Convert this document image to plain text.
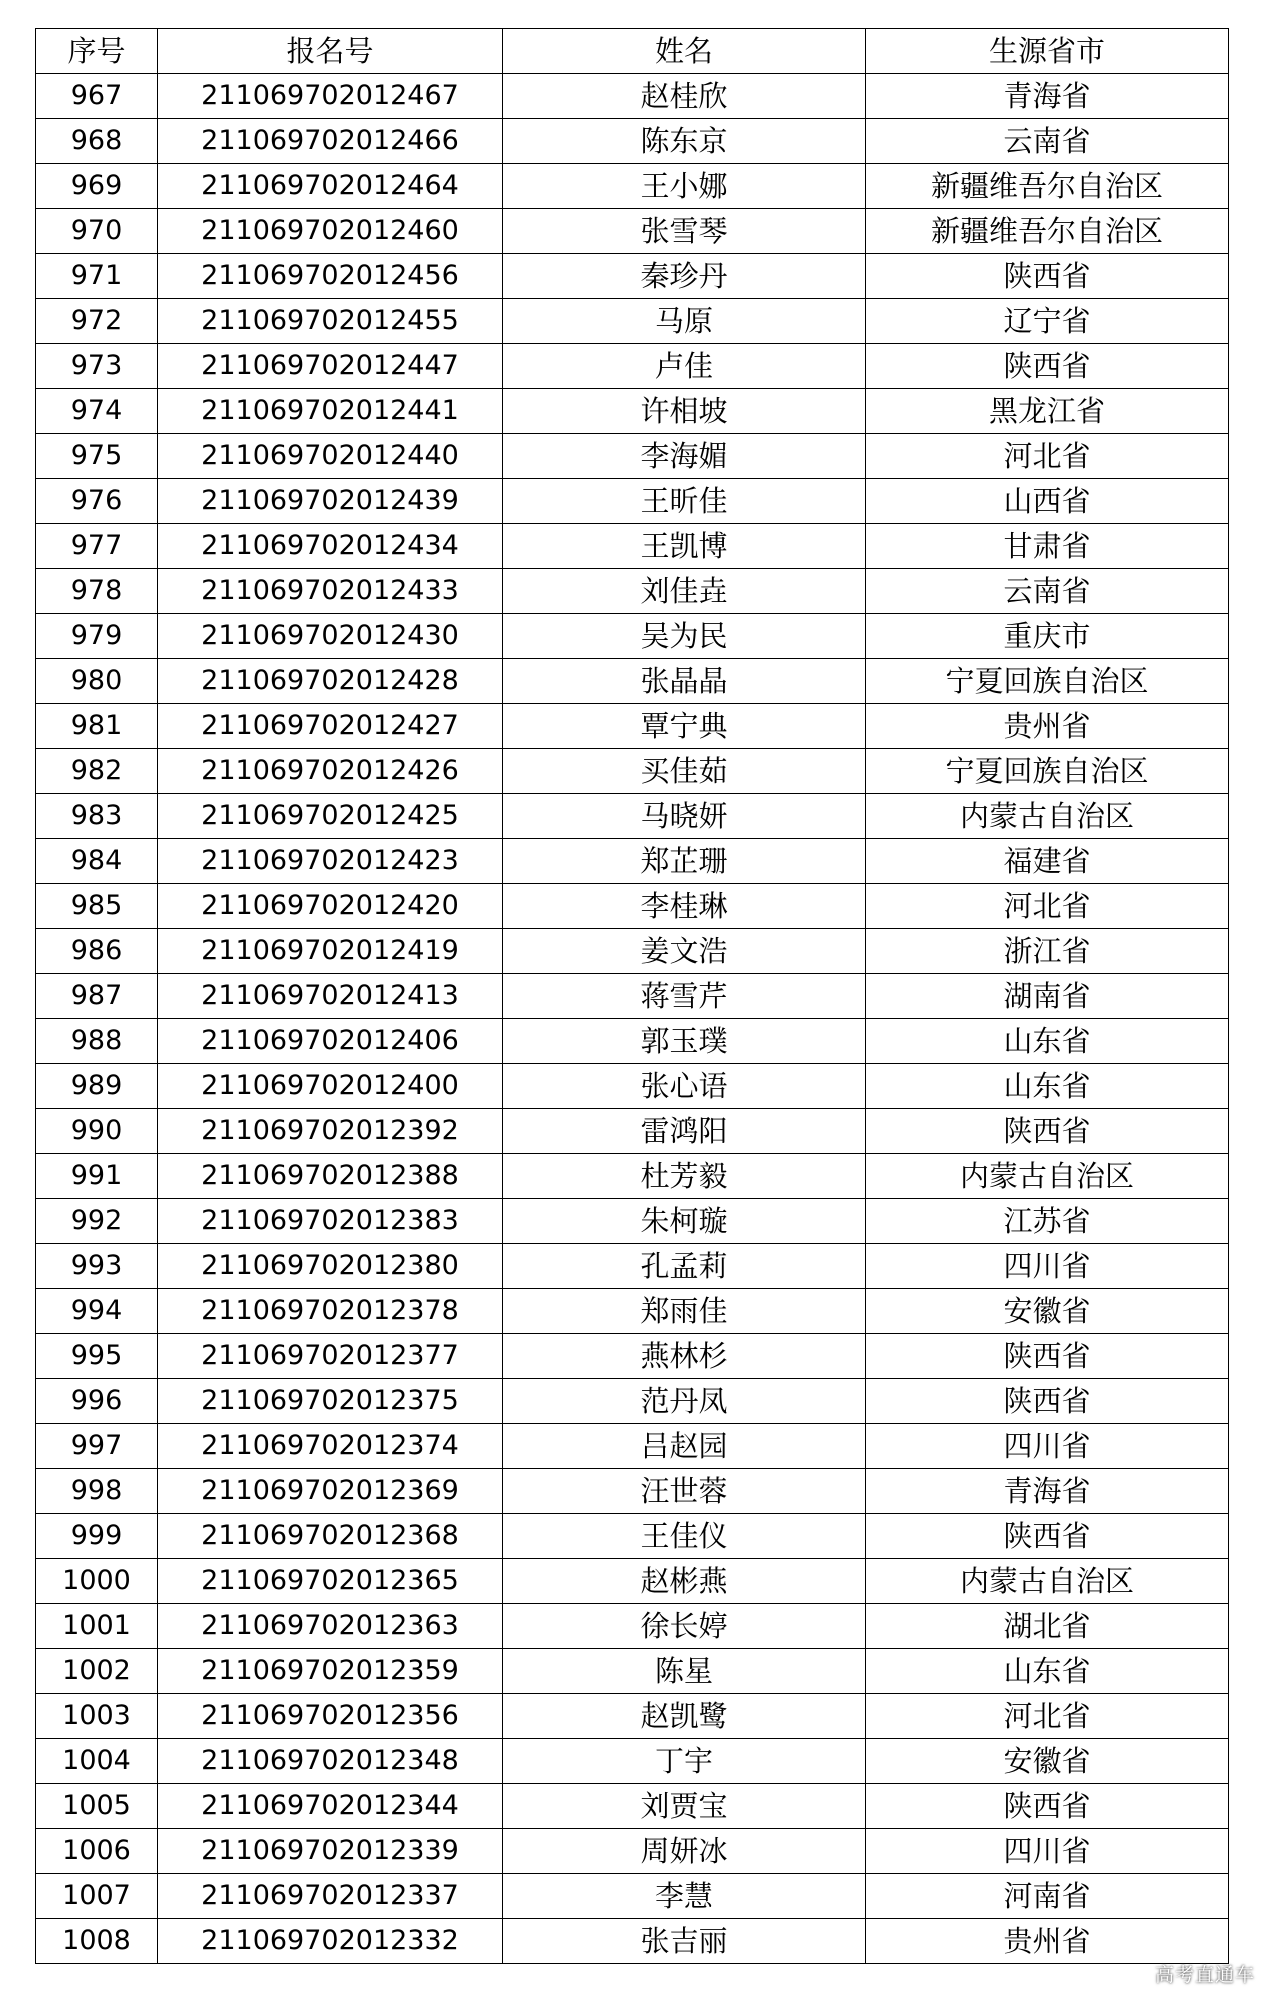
序号	报名号	姓名	生源省市
967	211069702012467	赵桂欣	青海省
968	211069702012466	陈东京	云南省
969	211069702012464	王小娜	新疆维吾尔自治区
970	211069702012460	张雪琴	新疆维吾尔自治区
971	211069702012456	秦珍丹	陕西省
972	211069702012455	马原	辽宁省
973	211069702012447	卢佳	陕西省
974	211069702012441	许相坡	黑龙江省
975	211069702012440	李海媚	河北省
976	211069702012439	王昕佳	山西省
977	211069702012434	王凯博	甘肃省
978	211069702012433	刘佳垚	云南省
979	211069702012430	吴为民	重庆市
980	211069702012428	张晶晶	宁夏回族自治区
981	211069702012427	覃宁典	贵州省
982	211069702012426	买佳茹	宁夏回族自治区
983	211069702012425	马晓妍	内蒙古自治区
984	211069702012423	郑芷珊	福建省
985	211069702012420	李桂琳	河北省
986	211069702012419	姜文浩	浙江省
987	211069702012413	蒋雪芹	湖南省
988	211069702012406	郭玉璞	山东省
989	211069702012400	张心语	山东省
990	211069702012392	雷鸿阳	陕西省
991	211069702012388	杜芳毅	内蒙古自治区
992	211069702012383	朱柯璇	江苏省
993	211069702012380	孔孟莉	四川省
994	211069702012378	郑雨佳	安徽省
995	211069702012377	燕林杉	陕西省
996	211069702012375	范丹凤	陕西省
997	211069702012374	吕赵园	四川省
998	211069702012369	汪世蓉	青海省
999	211069702012368	王佳仪	陕西省
1000	211069702012365	赵彬燕	内蒙古自治区
1001	211069702012363	徐长婷	湖北省
1002	211069702012359	陈星	山东省
1003	211069702012356	赵凯鹭	河北省
1004	211069702012348	丁宇	安徽省
1005	211069702012344	刘贾宝	陕西省
1006	211069702012339	周妍冰	四川省
1007	211069702012337	李慧	河南省
1008	211069702012332	张吉丽	贵州省
高考直通车
